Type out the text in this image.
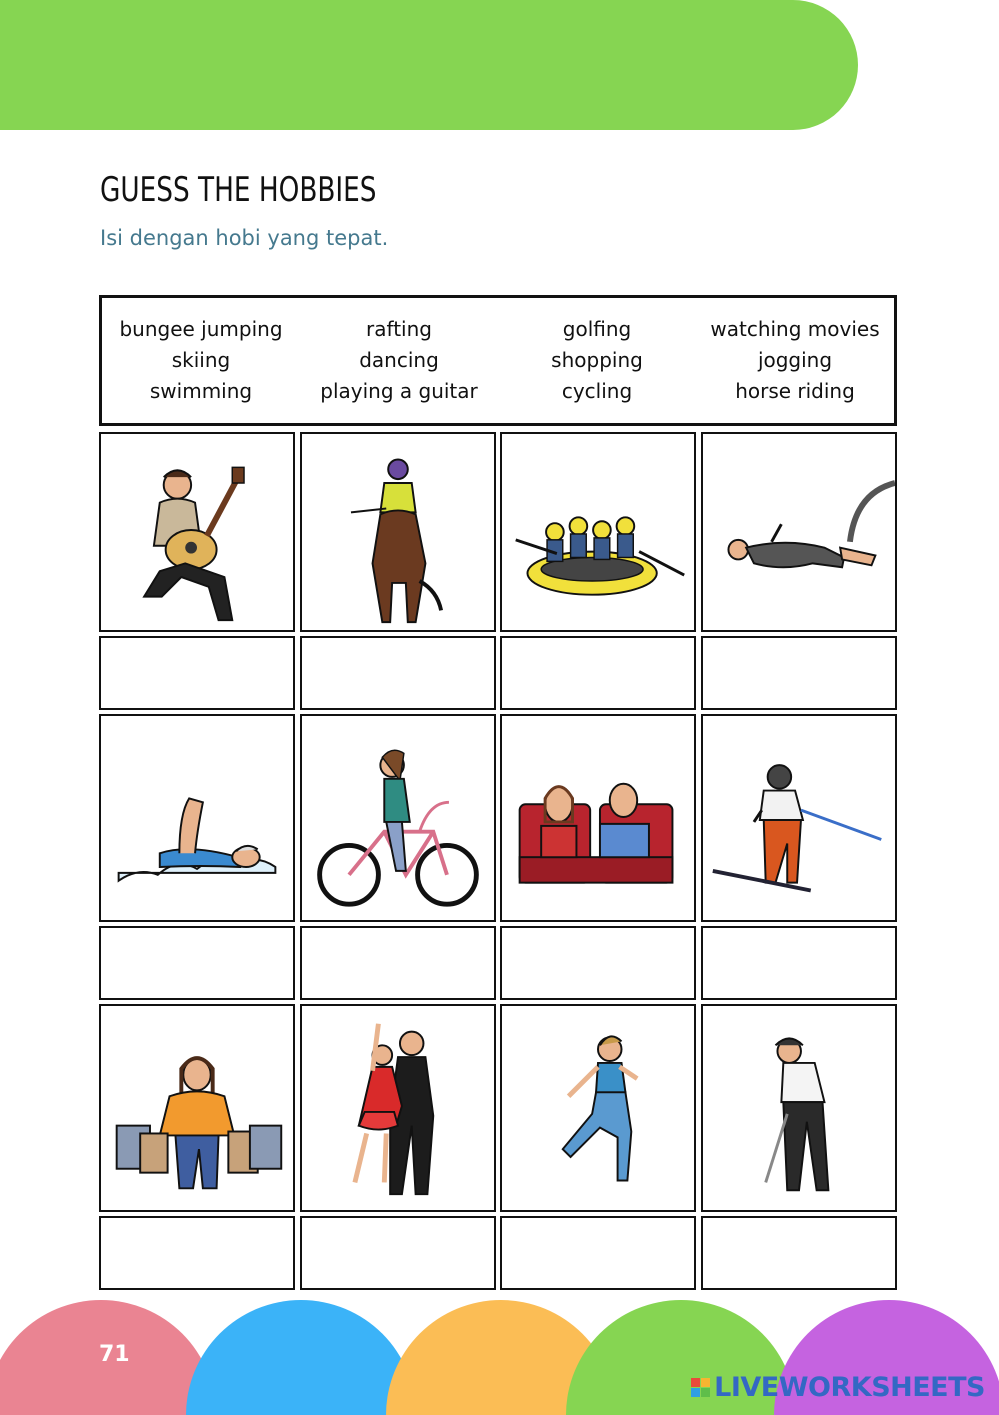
GUESS THE HOBBIES
Isi dengan hobi yang tepat.
bungee jumping
skiing
swimming
rafting
dancing
playing a guitar
golfing
shopping
cycling
watching movies
jogging
horse riding
71
LIVEWORKSHEETS
